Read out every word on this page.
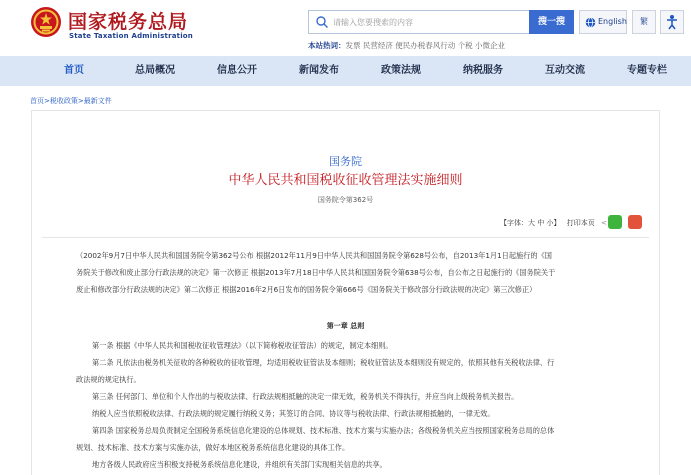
国家税务总局
State Taxation Administration
请输入您要搜索的内容
搜一搜	English	繁
本站热词：发票 民营经济 便民办税春风行动 个税 小微企业
首页	总局概况	信息公开	新闻发布	政策法规	纳税服务	互动交流	专题专栏
首页>税收政策>最新文件
国务院
中华人民共和国税收征收管理法实施细则
国务院令第362号
【字体：大 中 小】 打印本页 <
（2002年9月7日中华人民共和国国务院令第362号公布 根据2012年11月9日中华人民共和国国务院令第628号公布，自2013年1月1日起施行的《国
务院关于修改和废止部分行政法规的决定》第一次修正 根据2013年7月18日中华人民共和国国务院令第638号公布，自公布之日起施行的《国务院关于
废止和修改部分行政法规的决定》第二次修正 根据2016年2月6日发布的国务院令第666号《国务院关于修改部分行政法规的决定》第三次修正）
第一章 总则
第一条 根据《中华人民共和国税收征收管理法》（以下简称税收征管法）的规定，制定本细则。
第二条 凡依法由税务机关征收的各种税收的征收管理，均适用税收征管法及本细则；税收征管法及本细则没有规定的，依照其他有关税收法律、行
政法规的规定执行。
第三条 任何部门、单位和个人作出的与税收法律、行政法规相抵触的决定一律无效，税务机关不得执行，并应当向上级税务机关报告。
纳税人应当依照税收法律、行政法规的规定履行纳税义务；其签订的合同、协议等与税收法律、行政法规相抵触的，一律无效。
第四条 国家税务总局负责制定全国税务系统信息化建设的总体规划、技术标准、技术方案与实施办法；各级税务机关应当按照国家税务总局的总体
规划、技术标准、技术方案与实施办法，做好本地区税务系统信息化建设的具体工作。
地方各级人民政府应当积极支持税务系统信息化建设，并组织有关部门实现相关信息的共享。
